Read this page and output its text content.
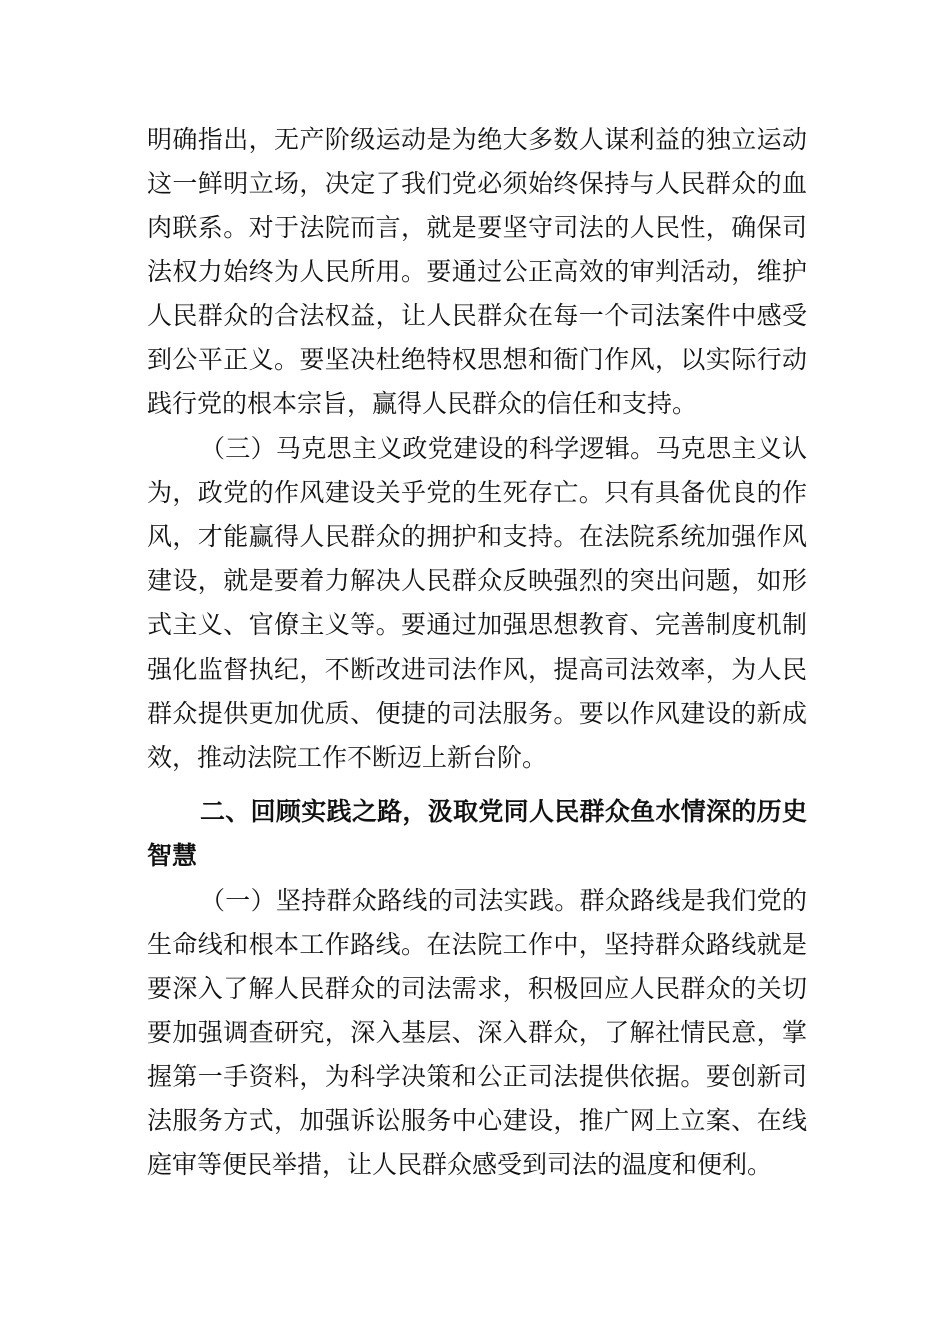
明确指出，无产阶级运动是为绝大多数人谋利益的独立运动

这一鲜明立场，决定了我们党必须始终保持与人民群众的血

肉联系。对于法院而言，就是要坚守司法的人民性，确保司

法权力始终为人民所用。要通过公正高效的审判活动，维护

人民群众的合法权益，让人民群众在每一个司法案件中感受

到公平正义。要坚决杜绝特权思想和衙门作风，以实际行动

践行党的根本宗旨，赢得人民群众的信任和支持。

（三）马克思主义政党建设的科学逻辑。马克思主义认

为，政党的作风建设关乎党的生死存亡。只有具备优良的作

风，才能赢得人民群众的拥护和支持。在法院系统加强作风

建设，就是要着力解决人民群众反映强烈的突出问题，如形

式主义、官僚主义等。要通过加强思想教育、完善制度机制

强化监督执纪，不断改进司法作风，提高司法效率，为人民

群众提供更加优质、便捷的司法服务。要以作风建设的新成

效，推动法院工作不断迈上新台阶。

二、回顾实践之路，汲取党同人民群众鱼水情深的历史

智慧

（一）坚持群众路线的司法实践。群众路线是我们党的

生命线和根本工作路线。在法院工作中，坚持群众路线就是

要深入了解人民群众的司法需求，积极回应人民群众的关切

要加强调查研究，深入基层、深入群众，了解社情民意，掌

握第一手资料，为科学决策和公正司法提供依据。要创新司

法服务方式，加强诉讼服务中心建设，推广网上立案、在线

庭审等便民举措，让人民群众感受到司法的温度和便利。
